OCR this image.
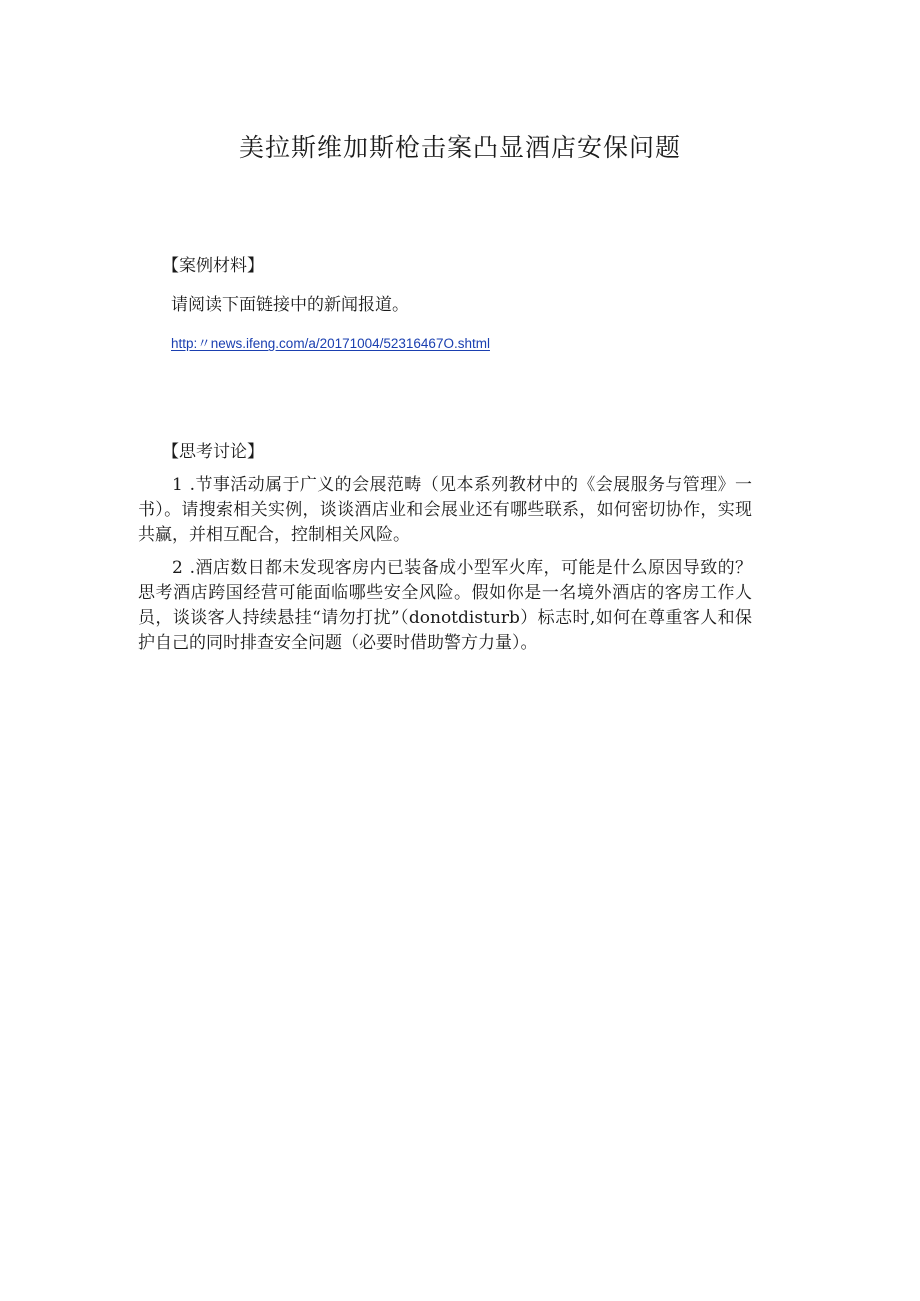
美拉斯维加斯枪击案凸显酒店安保问题
【案例材料】

请阅读下面链接中的新闻报道。

http:〃news.ifeng.com/a/20171004/52316467O.shtml
【思考讨论】
1 .节事活动属于广义的会展范畴（见本系列教材中的《会展服务与管理》一书）。请搜索相关实例，谈谈酒店业和会展业还有哪些联系，如何密切协作，实现共赢，并相互配合，控制相关风险。
2 .酒店数日都未发现客房内已装备成小型军火库，可能是什么原因导致的？思考酒店跨国经营可能面临哪些安全风险。假如你是一名境外酒店的客房工作人员，谈谈客人持续悬挂“请勿打扰”（donotdisturb）标志时,如何在尊重客人和保护自己的同时排查安全问题（必要时借助警方力量）。
